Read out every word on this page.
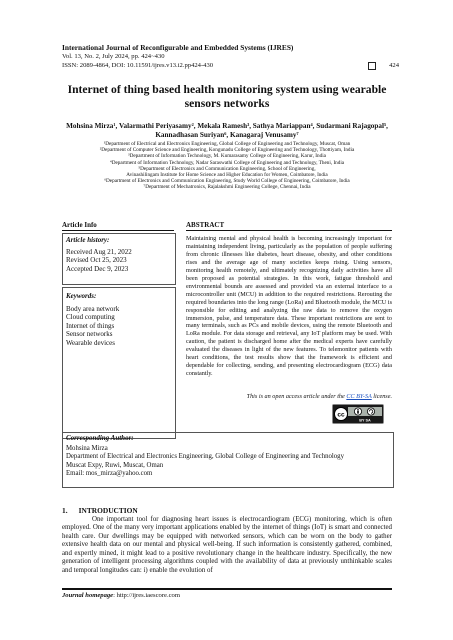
International Journal of Reconfigurable and Embedded Systems (IJRES)
Vol. 13, No. 2, July 2024, pp. 424~430
ISSN: 2089-4864, DOI: 10.11591/ijres.v13.i2.pp424-430	424
Internet of thing based health monitoring system using wearable sensors networks
Mohsina Mirza¹, Valarmathi Periyasamy², Mekala Ramesh³, Sathya Mariappan⁴, Sudarmani Rajagopal⁵, Kannadhasan Suriyan⁶, Kanagaraj Venusamy⁷
¹Department of Electrical and Electronics Engineering, Global College of Engineering and Technology, Muscat, Oman
²Department of Computer Science and Engineering, Kongunadu College of Engineering and Technology, Thottiyam, India
³Department of Information Technology, M. Kumarasamy College of Engineering, Karur, India
⁴Department of Information Technology, Nadar Saraswathi College of Engineering and Technology, Theni, India
⁵Department of Electronics and Communication Engineering, School of Engineering,
Avinashilingam Institute for Home Science and Higher Education for Women, Coimbatore, India
⁶Department of Electronics and Communication Engineering, Study World College of Engineering, Coimbatore, India
⁷Department of Mechatronics, Rajalakshmi Engineering College, Chennai, India
Article Info	ABSTRACT
Article history:
Received Aug 21, 2022
Revised Oct 25, 2023
Accepted Dec 9, 2023
Keywords:
Body area network
Cloud computing
Internet of things
Sensor networks
Wearable devices
Maintaining mental and physical health is becoming increasingly important for maintaining independent living, particularly as the population of people suffering from chronic illnesses like diabetes, heart disease, obesity, and other conditions rises and the average age of many societies keeps rising. Using sensors, monitoring health remotely, and ultimately recognizing daily activities have all been proposed as potential strategies. In this work, fatigue threshold and environmental bounds are assessed and provided via an external interface to a microcontroller unit (MCU) in addition to the required restrictions. Rerouting the required boundaries into the long range (LoRa) and Bluetooth module, the MCU is responsible for editing and analyzing the raw data to remove the oxygen immersion, pulse, and temperature data. These important restrictions are sent to many terminals, such as PCs and mobile devices, using the remote Bluetooth and LoRa module. For data storage and retrieval, any IoT platform may be used. With caution, the patient is discharged home after the medical experts have carefully evaluated the diseases in light of the new features. To telemonitor patients with heart conditions, the test results show that the framework is efficient and dependable for collecting, sending, and presenting electrocardiogram (ECG) data constantly.
This is an open access article under the CC BY-SA license.
cc
BY SA
Corresponding Author:
Mohsina Mirza
Department of Electrical and Electronics Engineering, Global College of Engineering and Technology
Muscat Expy, Ruwi, Muscat, Oman
Email: mos_mirza@yahoo.com
1.      INTRODUCTION
One important tool for diagnosing heart issues is electrocardiogram (ECG) monitoring, which is often employed. One of the many very important applications enabled by the internet of things (IoT) is smart and connected health care. Our dwellings may be equipped with networked sensors, which can be worn on the body to gather extensive health data on our mental and physical well-being. If such information is consistently gathered, combined, and expertly mined, it might lead to a positive revolutionary change in the healthcare industry. Specifically, the new generation of intelligent processing algorithms coupled with the availability of data at previously unthinkable scales and temporal longitudes can: i) enable the evolution of
Journal homepage: http://ijres.iaescore.com
